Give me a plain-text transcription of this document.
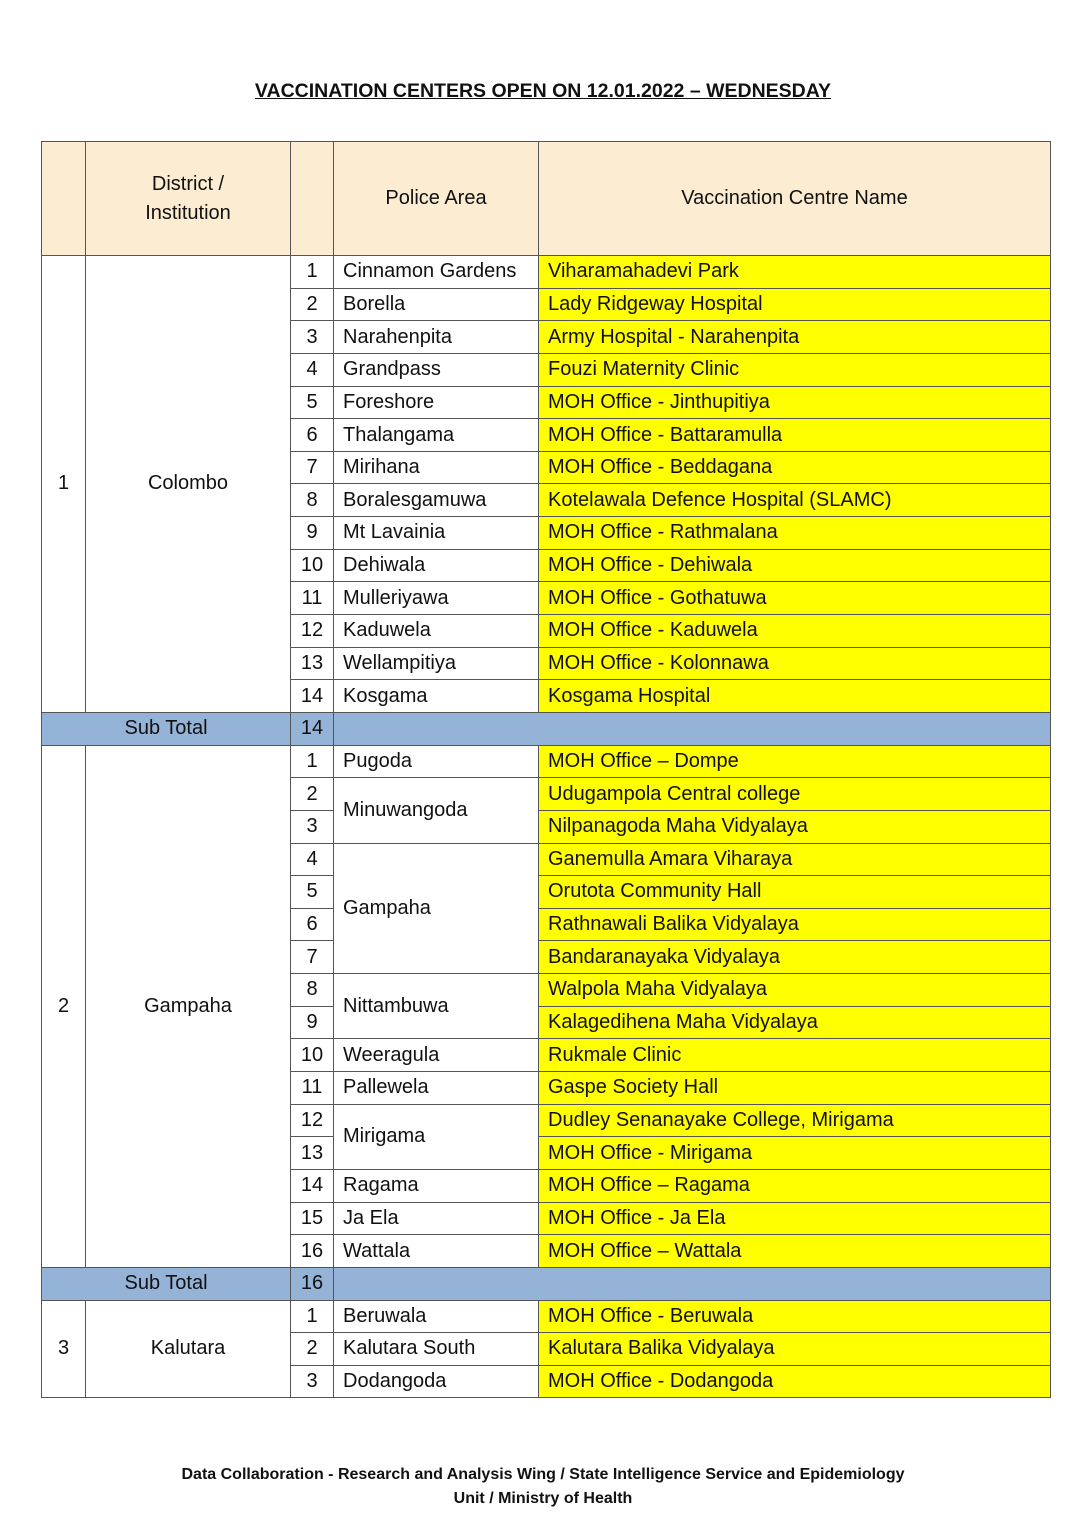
VACCINATION CENTERS OPEN ON 12.01.2022 – WEDNESDAY
	District / Institution		Police Area	Vaccination Centre Name
1	Colombo	1	Cinnamon Gardens	Viharamahadevi Park
		2	Borella	Lady Ridgeway Hospital
		3	Narahenpita	Army Hospital - Narahenpita
		4	Grandpass	Fouzi Maternity Clinic
		5	Foreshore	MOH Office - Jinthupitiya
		6	Thalangama	MOH Office - Battaramulla
		7	Mirihana	MOH Office - Beddagana
		8	Boralesgamuwa	Kotelawala Defence Hospital (SLAMC)
		9	Mt Lavainia	MOH Office - Rathmalana
		10	Dehiwala	MOH Office - Dehiwala
		11	Mulleriyawa	MOH Office - Gothatuwa
		12	Kaduwela	MOH Office - Kaduwela
		13	Wellampitiya	MOH Office - Kolonnawa
		14	Kosgama	Kosgama Hospital
Sub Total		14		
2	Gampaha	1	Pugoda	MOH Office – Dompe
		2	Minuwangoda	Udugampola Central college
		3		Nilpanagoda Maha Vidyalaya
		4	Gampaha	Ganemulla Amara Viharaya
		5		Orutota Community Hall
		6		Rathnawali Balika Vidyalaya
		7		Bandaranayaka Vidyalaya
		8	Nittambuwa	Walpola Maha Vidyalaya
		9		Kalagedihena Maha Vidyalaya
		10	Weeragula	Rukmale Clinic
		11	Pallewela	Gaspe Society Hall
		12	Mirigama	Dudley Senanayake College, Mirigama
		13		MOH Office - Mirigama
		14	Ragama	MOH Office – Ragama
		15	Ja Ela	MOH Office - Ja Ela
		16	Wattala	MOH Office – Wattala
Sub Total		16		
3	Kalutara	1	Beruwala	MOH Office - Beruwala
		2	Kalutara South	Kalutara Balika Vidyalaya
		3	Dodangoda	MOH Office - Dodangoda
Data Collaboration - Research and Analysis Wing / State Intelligence Service and Epidemiology
Unit / Ministry of Health
